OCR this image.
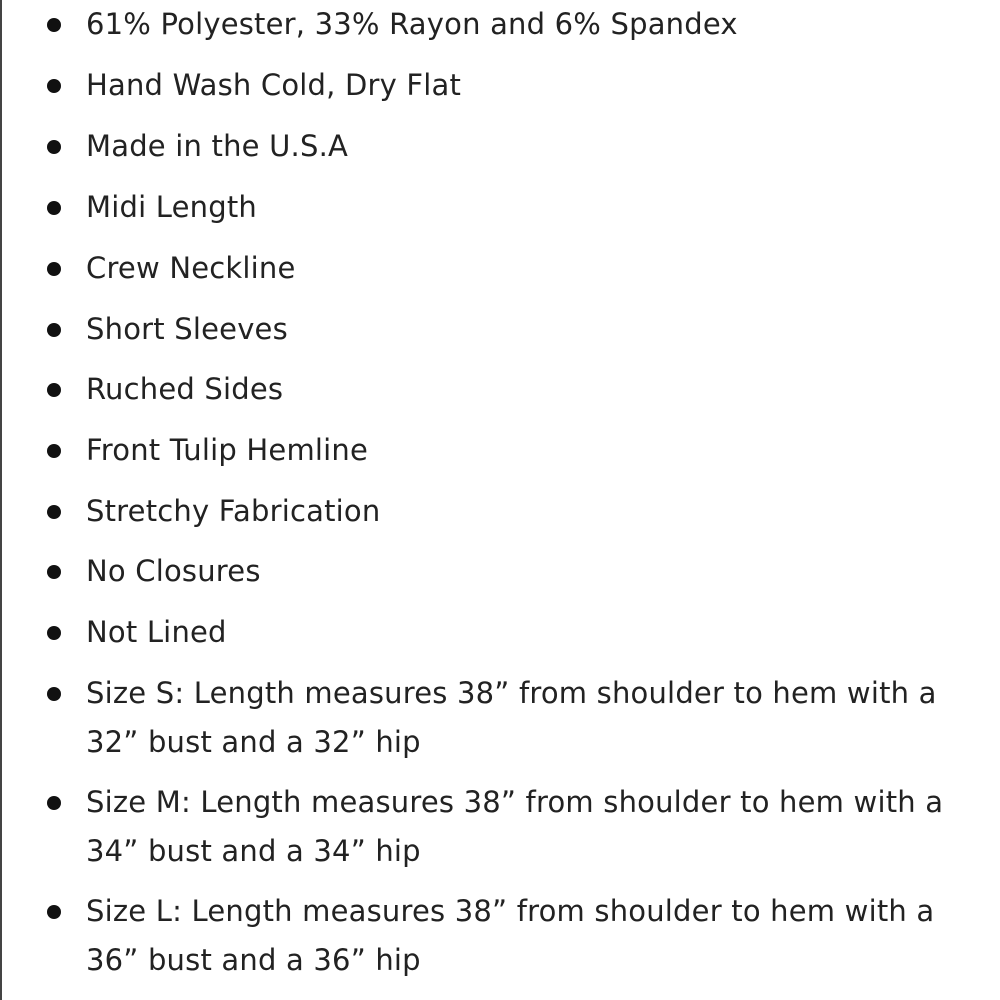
61% Polyester, 33% Rayon and 6% Spandex
Hand Wash Cold, Dry Flat
Made in the U.S.A
Midi Length
Crew Neckline
Short Sleeves
Ruched Sides
Front Tulip Hemline
Stretchy Fabrication
No Closures
Not Lined
Size S: Length measures 38” from shoulder to hem with a 32” bust and a 32” hip
Size M: Length measures 38” from shoulder to hem with a 34” bust and a 34” hip
Size L: Length measures 38” from shoulder to hem with a 36” bust and a 36” hip
